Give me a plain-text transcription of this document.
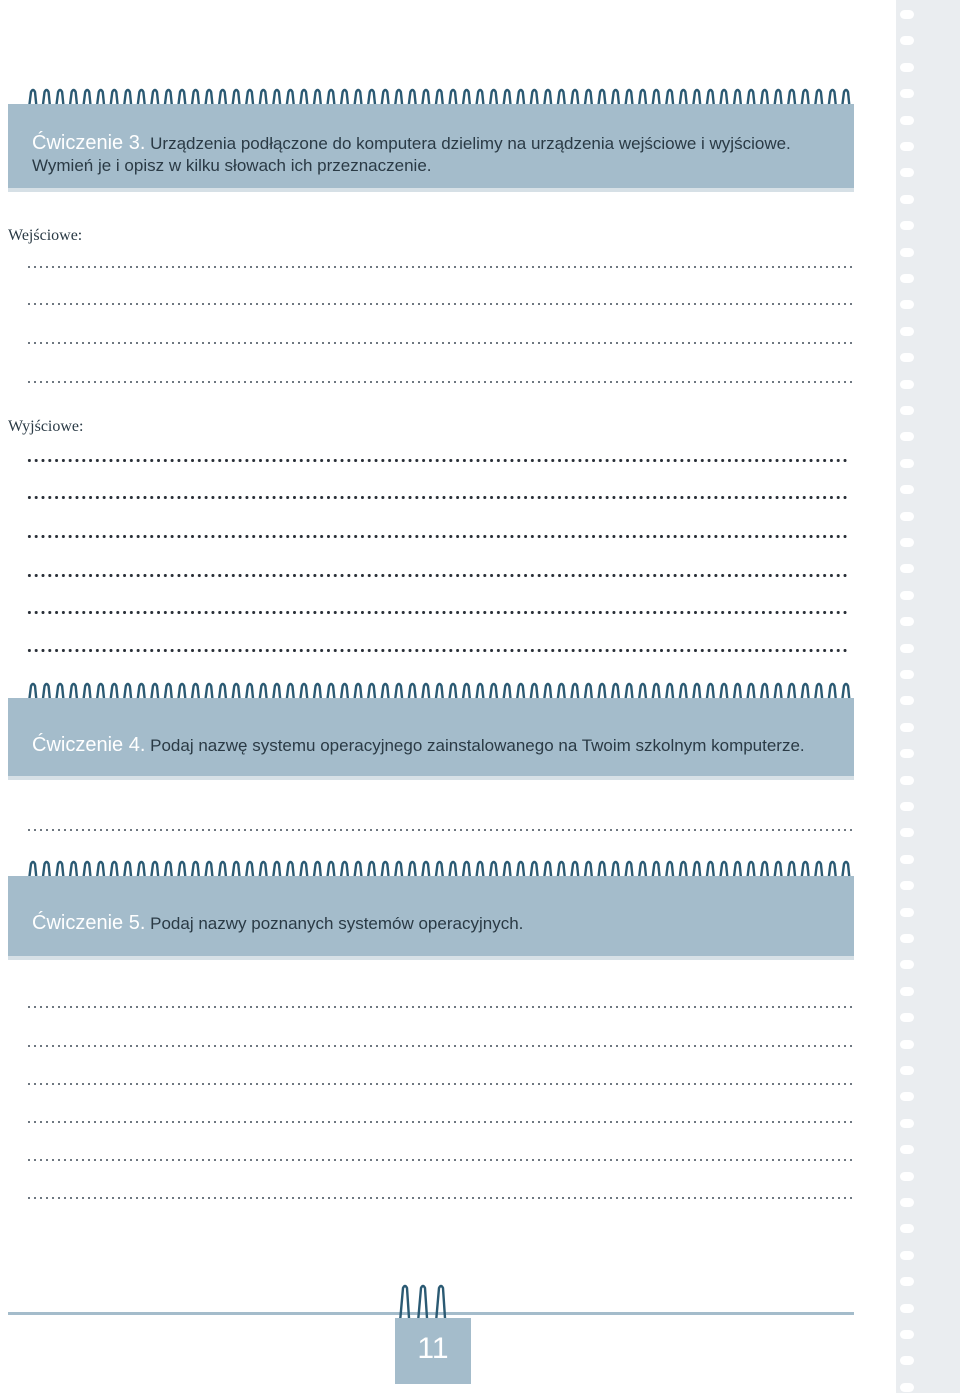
Ćwiczenie 3. Urządzenia podłączone do komputera dzielimy na urządzenia wejściowe i wyjściowe.
Wymień je i opisz w kilku słowach ich przeznaczenie.
Wejściowe:
Wyjściowe:
Ćwiczenie 4. Podaj nazwę systemu operacyjnego zainstalowanego na Twoim szkolnym komputerze.
Ćwiczenie 5. Podaj nazwy poznanych systemów operacyjnych.
11
